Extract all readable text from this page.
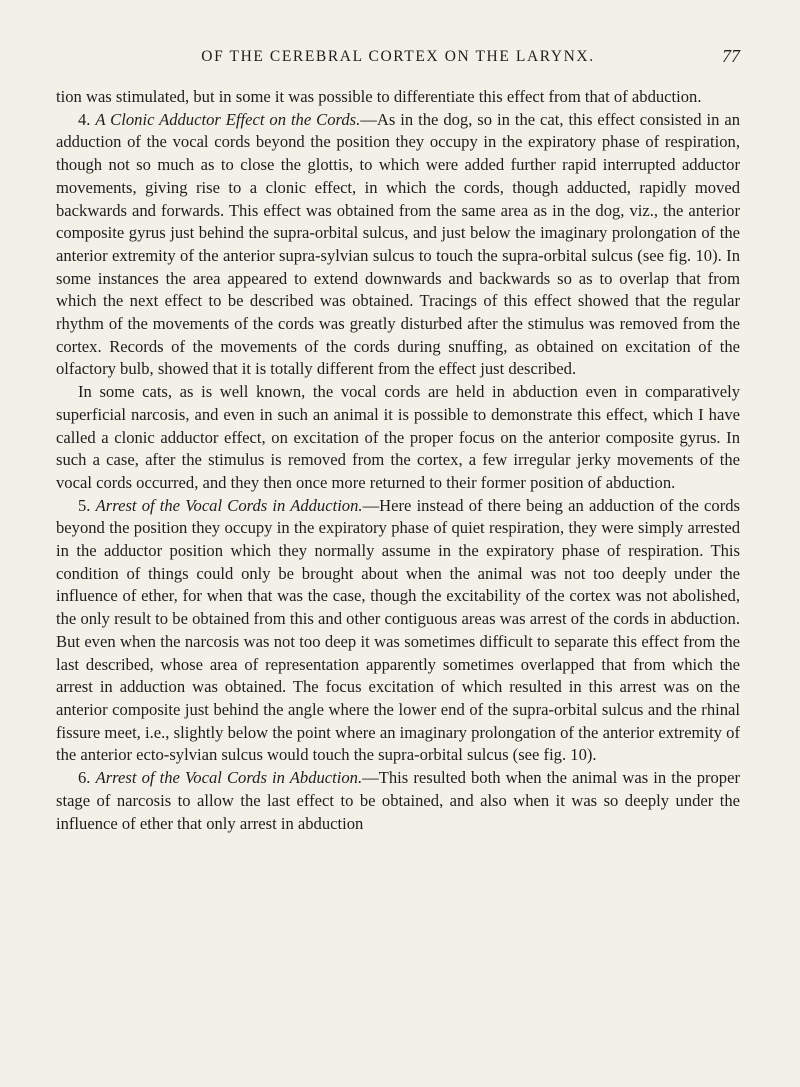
OF THE CEREBRAL CORTEX ON THE LARYNX.	77

tion was stimulated, but in some it was possible to differentiate this effect from that of abduction.

4. A Clonic Adductor Effect on the Cords.—As in the dog, so in the cat, this effect consisted in an adduction of the vocal cords beyond the position they occupy in the expiratory phase of respiration, though not so much as to close the glottis, to which were added further rapid interrupted adductor movements, giving rise to a clonic effect, in which the cords, though adducted, rapidly moved backwards and forwards. This effect was obtained from the same area as in the dog, viz., the anterior composite gyrus just behind the supra-orbital sulcus, and just below the imaginary prolongation of the anterior extremity of the anterior supra-sylvian sulcus to touch the supra-orbital sulcus (see fig. 10). In some instances the area appeared to extend downwards and backwards so as to overlap that from which the next effect to be described was obtained. Tracings of this effect showed that the regular rhythm of the movements of the cords was greatly disturbed after the stimulus was removed from the cortex. Records of the movements of the cords during snuffing, as obtained on excitation of the olfactory bulb, showed that it is totally different from the effect just described.

In some cats, as is well known, the vocal cords are held in abduction even in comparatively superficial narcosis, and even in such an animal it is possible to demonstrate this effect, which I have called a clonic adductor effect, on excitation of the proper focus on the anterior composite gyrus. In such a case, after the stimulus is removed from the cortex, a few irregular jerky movements of the vocal cords occurred, and they then once more returned to their former position of abduction.

5. Arrest of the Vocal Cords in Adduction.—Here instead of there being an adduction of the cords beyond the position they occupy in the expiratory phase of quiet respiration, they were simply arrested in the adductor position which they normally assume in the expiratory phase of respiration. This condition of things could only be brought about when the animal was not too deeply under the influence of ether, for when that was the case, though the excitability of the cortex was not abolished, the only result to be obtained from this and other contiguous areas was arrest of the cords in abduction. But even when the narcosis was not too deep it was sometimes difficult to separate this effect from the last described, whose area of representation apparently sometimes overlapped that from which the arrest in adduction was obtained. The focus excitation of which resulted in this arrest was on the anterior composite just behind the angle where the lower end of the supra-orbital sulcus and the rhinal fissure meet, i.e., slightly below the point where an imaginary prolongation of the anterior extremity of the anterior ecto-sylvian sulcus would touch the supra-orbital sulcus (see fig. 10).

6. Arrest of the Vocal Cords in Abduction.—This resulted both when the animal was in the proper stage of narcosis to allow the last effect to be obtained, and also when it was so deeply under the influence of ether that only arrest in abduction
